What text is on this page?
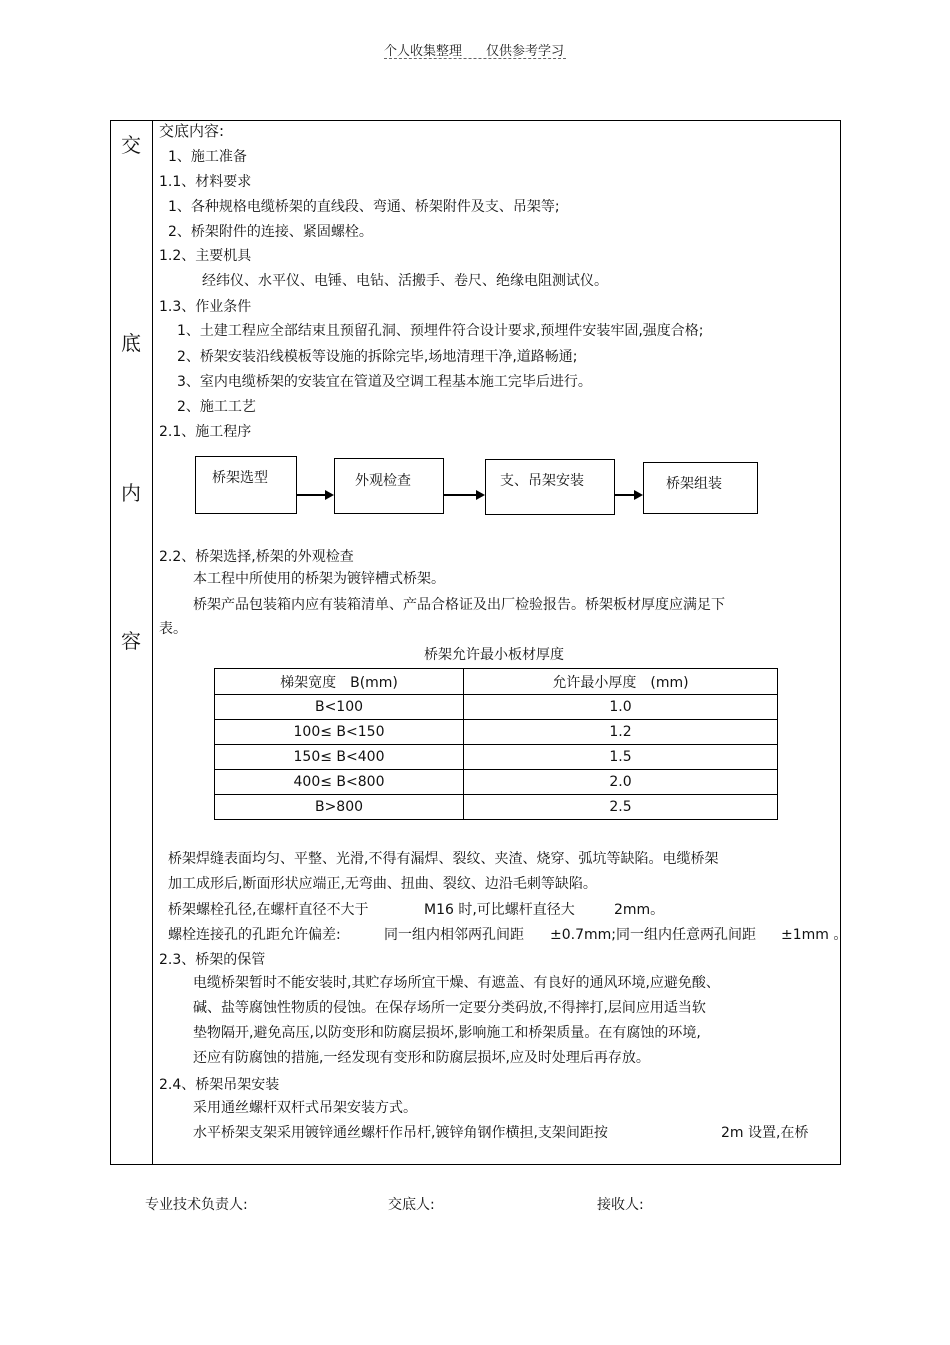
个人收集整理 仅供参考学习
交
底
内
容
交底内容:
1、施工准备
1.1、材料要求
1、各种规格电缆桥架的直线段、弯通、桥架附件及支、吊架等;
2、桥架附件的连接、紧固螺栓。
1.2、主要机具
经纬仪、水平仪、电锤、电钻、活搬手、卷尺、绝缘电阻测试仪。
1.3、作业条件
1、土建工程应全部结束且预留孔洞、预埋件符合设计要求,预埋件安装牢固,强度合格;
2、桥架安装沿线模板等设施的拆除完毕,场地清理干净,道路畅通;
3、室内电缆桥架的安装宜在管道及空调工程基本施工完毕后进行。
2、施工工艺
2.1、施工程序
桥架选型	外观检查	支、吊架安装	桥架组装
2.2、桥架选择,桥架的外观检查
本工程中所使用的桥架为镀锌槽式桥架。
桥架产品包装箱内应有装箱清单、产品合格证及出厂检验报告。桥架板材厚度应满足下
表。
桥架允许最小板材厚度
梯架宽度　B(mm)	允许最小厚度　(mm)
B<100	1.0
100≤ B<150	1.2
150≤ B<400	1.5
400≤ B<800	2.0
B>800	2.5
桥架焊缝表面均匀、平整、光滑,不得有漏焊、裂纹、夹渣、烧穿、弧坑等缺陷。电缆桥架
加工成形后,断面形状应端正,无弯曲、扭曲、裂纹、边沿毛刺等缺陷。
桥架螺栓孔径,在螺杆直径不大于	M16 时,可比螺杆直径大	2mm。
螺栓连接孔的孔距允许偏差:	同一组内相邻两孔间距 ±0.7mm;同一组内任意两孔间距 ±1mm 。
2.3、桥架的保管
电缆桥架暂时不能安装时,其贮存场所宜干燥、有遮盖、有良好的通风环境,应避免酸、
碱、盐等腐蚀性物质的侵蚀。在保存场所一定要分类码放,不得摔打,层间应用适当软
垫物隔开,避免高压,以防变形和防腐层损坏,影响施工和桥架质量。在有腐蚀的环境,
还应有防腐蚀的措施,一经发现有变形和防腐层损坏,应及时处理后再存放。
2.4、桥架吊架安装
采用通丝螺杆双杆式吊架安装方式。
水平桥架支架采用镀锌通丝螺杆作吊杆,镀锌角钢作横担,支架间距按	2m 设置,在桥
专业技术负责人:	交底人:	接收人:
